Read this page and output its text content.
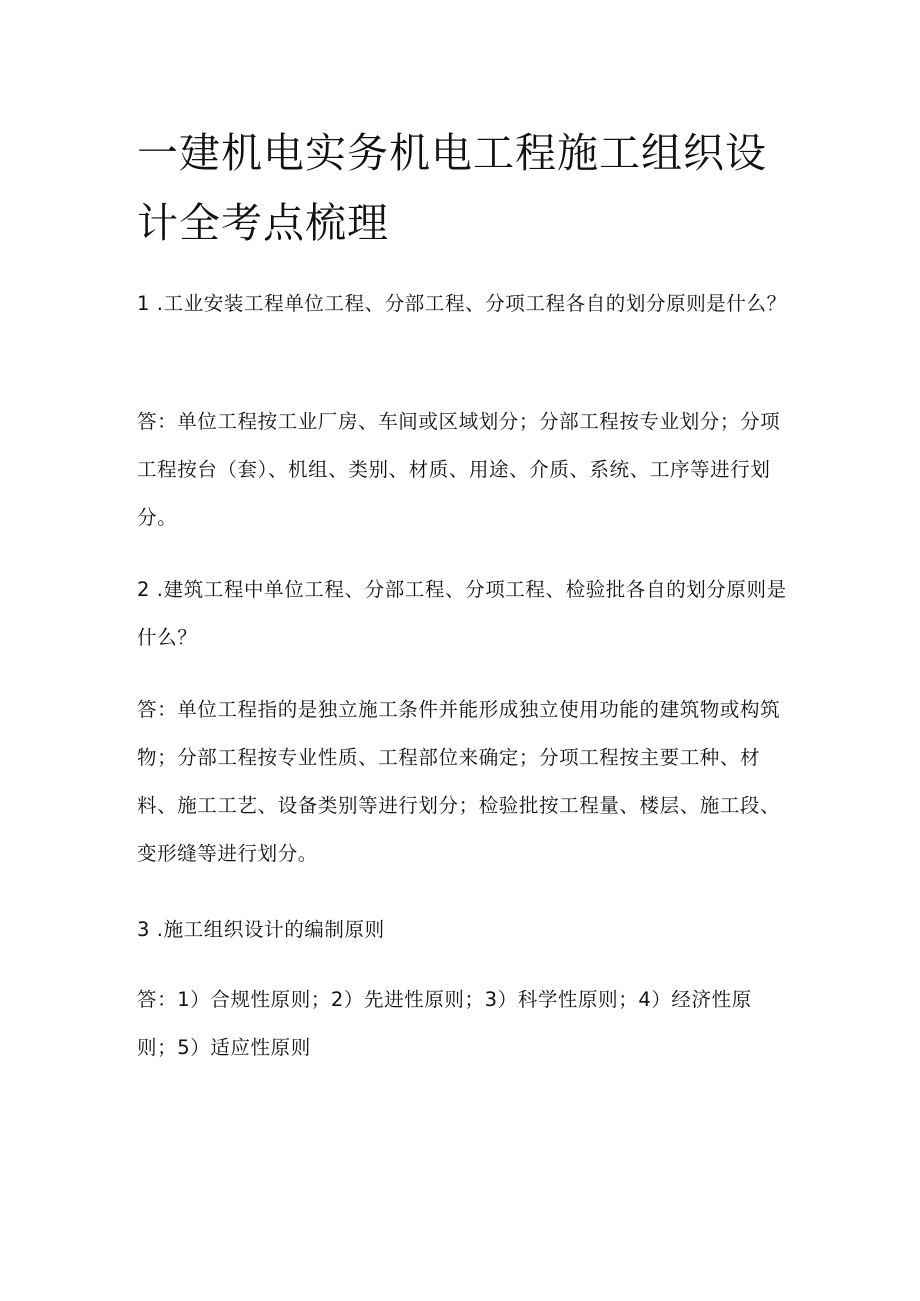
一建机电实务机电工程施工组织设计全考点梳理

1 .工业安装工程单位工程、分部工程、分项工程各自的划分原则是什么？

答：单位工程按工业厂房、车间或区域划分；分部工程按专业划分；分项工程按台（套）、机组、类别、材质、用途、介质、系统、工序等进行划分。

2 .建筑工程中单位工程、分部工程、分项工程、检验批各自的划分原则是什么？

答：单位工程指的是独立施工条件并能形成独立使用功能的建筑物或构筑物；分部工程按专业性质、工程部位来确定；分项工程按主要工种、材料、施工工艺、设备类别等进行划分；检验批按工程量、楼层、施工段、变形缝等进行划分。

3 .施工组织设计的编制原则

答：1）合规性原则；2）先进性原则；3）科学性原则；4）经济性原则；5）适应性原则
